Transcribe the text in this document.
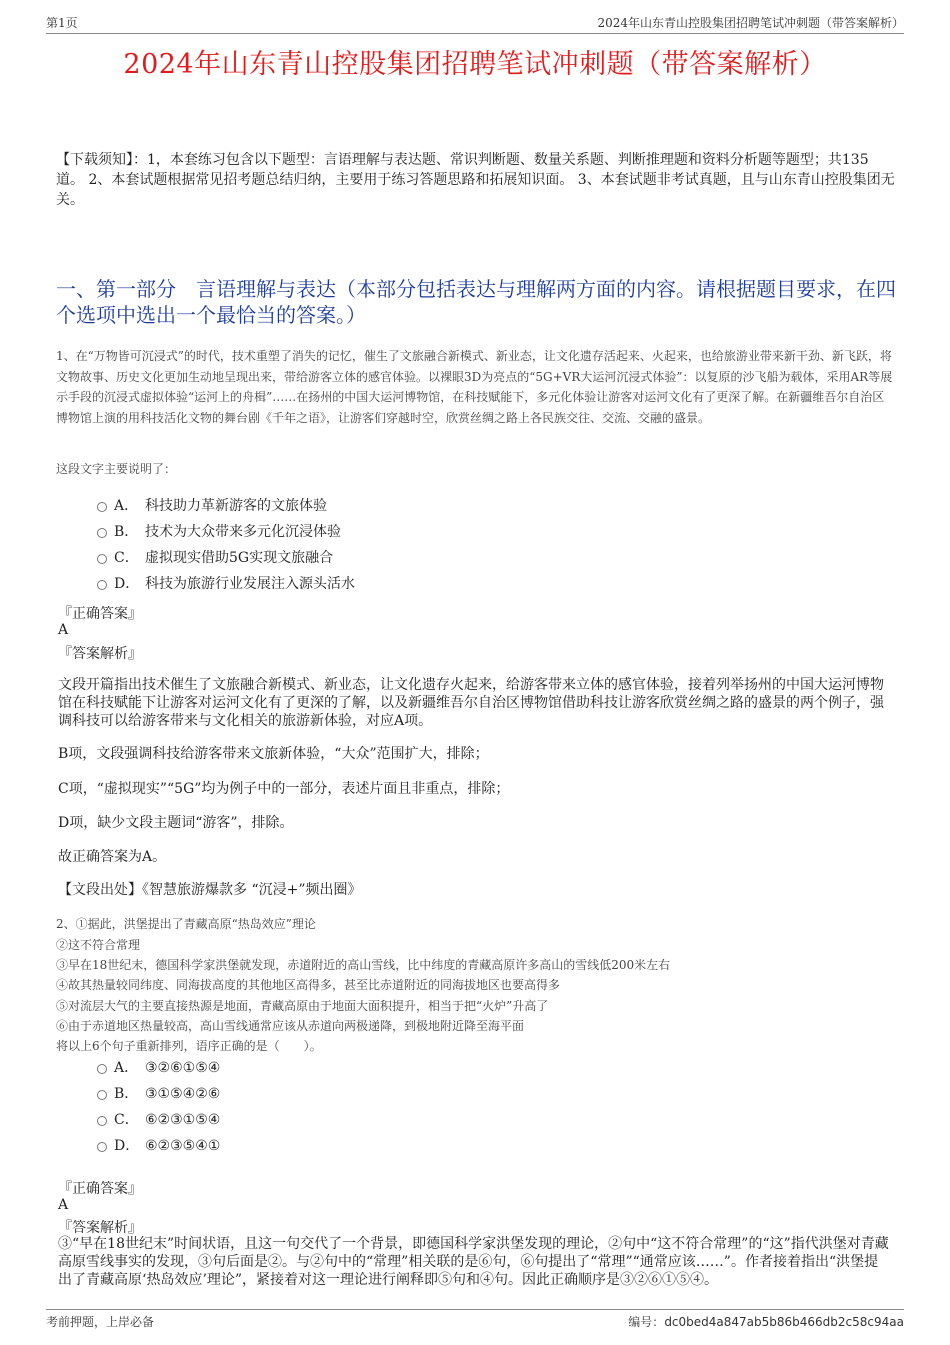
第1页	2024年山东青山控股集团招聘笔试冲刺题（带答案解析）
2024年山东青山控股集团招聘笔试冲刺题（带答案解析）
【下载须知】：1，本套练习包含以下题型：言语理解与表达题、常识判断题、数量关系题、判断推理题和资料分析题等题型；共135道。 2、本套试题根据常见招考题总结归纳，主要用于练习答题思路和拓展知识面。 3、本套试题非考试真题，且与山东青山控股集团无关。
一、第一部分　言语理解与表达（本部分包括表达与理解两方面的内容。请根据题目要求，在四个选项中选出一个最恰当的答案。）
1、在“万物皆可沉浸式”的时代，技术重塑了消失的记忆，催生了文旅融合新模式、新业态，让文化遗存活起来、火起来，也给旅游业带来新干劲、新飞跃，将文物故事、历史文化更加生动地呈现出来，带给游客立体的感官体验。以裸眼3D为亮点的“5G+VR大运河沉浸式体验”：以复原的沙飞船为载体，采用AR等展示手段的沉浸式虚拟体验“运河上的舟楫”……在扬州的中国大运河博物馆，在科技赋能下，多元化体验让游客对运河文化有了更深了解。在新疆维吾尔自治区博物馆上演的用科技活化文物的舞台剧《千年之语》，让游客们穿越时空，欣赏丝绸之路上各民族交往、交流、交融的盛景。
这段文字主要说明了：
A． 科技助力革新游客的文旅体验
B． 技术为大众带来多元化沉浸体验
C． 虚拟现实借助5G实现文旅融合
D． 科技为旅游行业发展注入源头活水
『正确答案』
A
『答案解析』
文段开篇指出技术催生了文旅融合新模式、新业态，让文化遗存火起来，给游客带来立体的感官体验，接着列举扬州的中国大运河博物馆在科技赋能下让游客对运河文化有了更深的了解，以及新疆维吾尔自治区博物馆借助科技让游客欣赏丝绸之路的盛景的两个例子，强调科技可以给游客带来与文化相关的旅游新体验，对应A项。
B项，文段强调科技给游客带来文旅新体验，“大众”范围扩大，排除；
C项，“虚拟现实”“5G”均为例子中的一部分，表述片面且非重点，排除；
D项，缺少文段主题词“游客”，排除。
故正确答案为A。
【文段出处】《智慧旅游爆款多 “沉浸+”频出圈》
2、①据此，洪堡提出了青藏高原“热岛效应”理论
②这不符合常理
③早在18世纪末，德国科学家洪堡就发现，赤道附近的高山雪线，比中纬度的青藏高原许多高山的雪线低200米左右
④故其热量较同纬度、同海拔高度的其他地区高得多，甚至比赤道附近的同海拔地区也要高得多
⑤对流层大气的主要直接热源是地面，青藏高原由于地面大面积提升，相当于把“火炉”升高了
⑥由于赤道地区热量较高，高山雪线通常应该从赤道向两极递降，到极地附近降至海平面
将以上6个句子重新排列，语序正确的是（　　）。
A． ③②⑥①⑤④
B． ③①⑤④②⑥
C． ⑥②③①⑤④
D． ⑥②③⑤④①
『正确答案』
A
『答案解析』
③“早在18世纪末”时间状语，且这一句交代了一个背景，即德国科学家洪堡发现的理论，②句中“这不符合常理”的“这”指代洪堡对青藏高原雪线事实的发现，③句后面是②。与②句中的“常理”相关联的是⑥句，⑥句提出了“常理”“通常应该……”。作者接着指出“洪堡提出了青藏高原‘热岛效应’理论”，紧接着对这一理论进行阐释即⑤句和④句。因此正确顺序是③②⑥①⑤④。
考前押题，上岸必备	编号：dc0bed4a847ab5b86b466db2c58c94aa
